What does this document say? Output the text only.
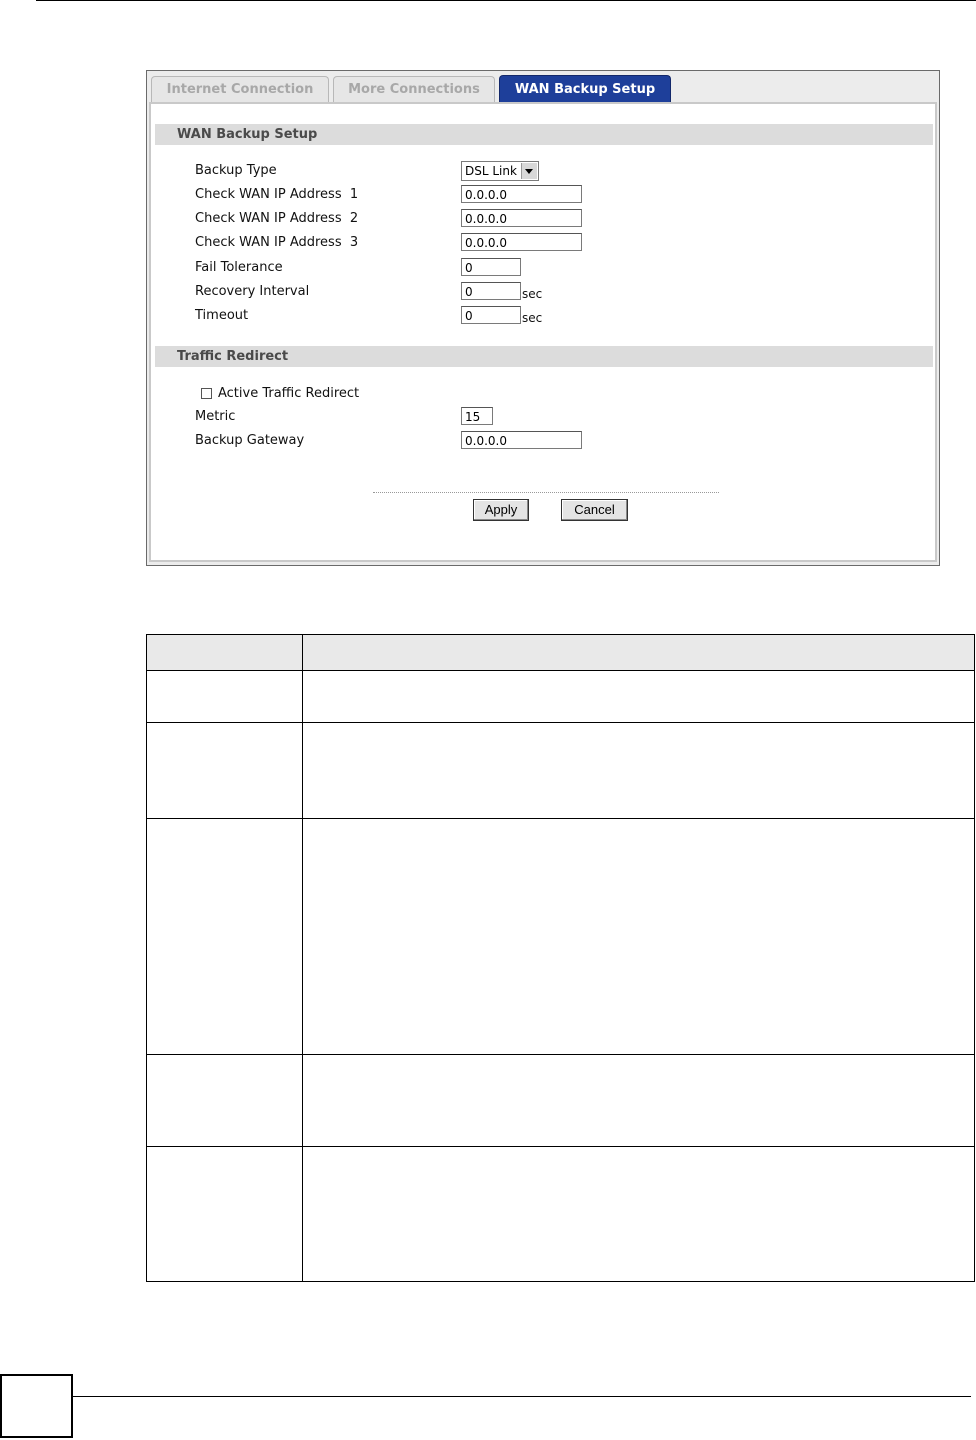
Internet Connection	More Connections	WAN Backup Setup
WAN Backup Setup
Backup Type	DSL Link
Check WAN IP Address  1	0.0.0.0
Check WAN IP Address  2	0.0.0.0
Check WAN IP Address  3	0.0.0.0
Fail Tolerance	0
Recovery Interval	0	sec
Timeout	0	sec
Traffic Redirect
Active Traffic Redirect
Metric	15
Backup Gateway	0.0.0.0
Apply	Cancel
